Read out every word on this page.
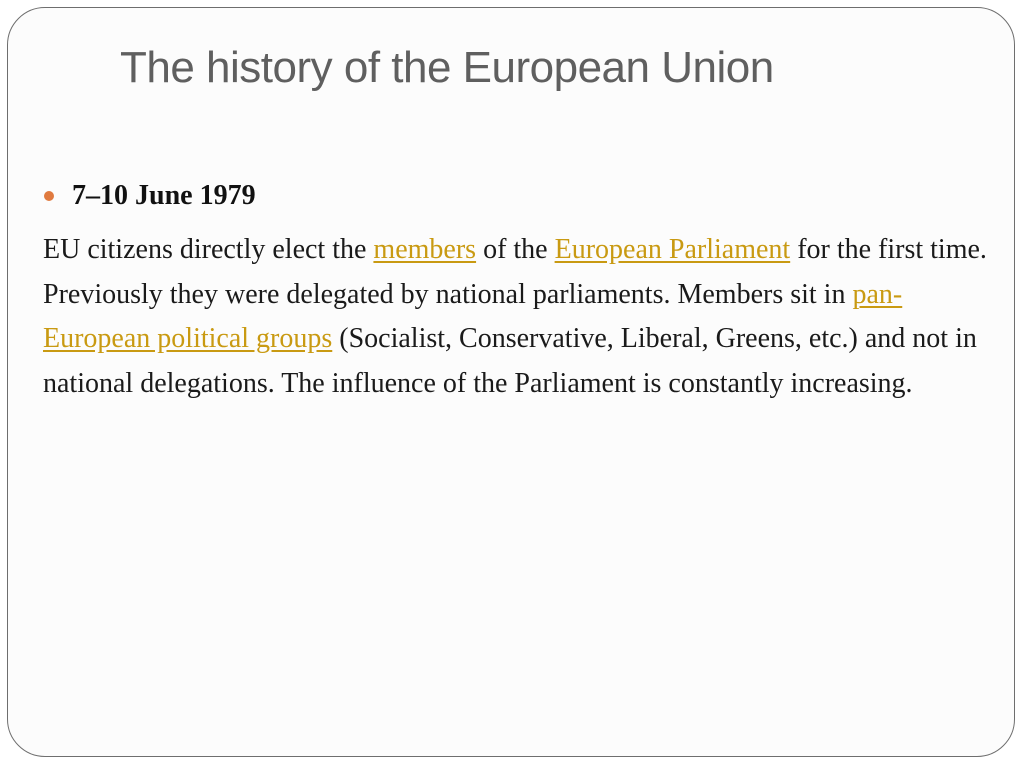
The history of the European Union
7–10 June 1979

EU citizens directly elect the members of the European Parliament for the first time. Previously they were delegated by national parliaments. Members sit in pan-European political groups (Socialist, Conservative, Liberal, Greens, etc.) and not in national delegations. The influence of the Parliament is constantly increasing.
